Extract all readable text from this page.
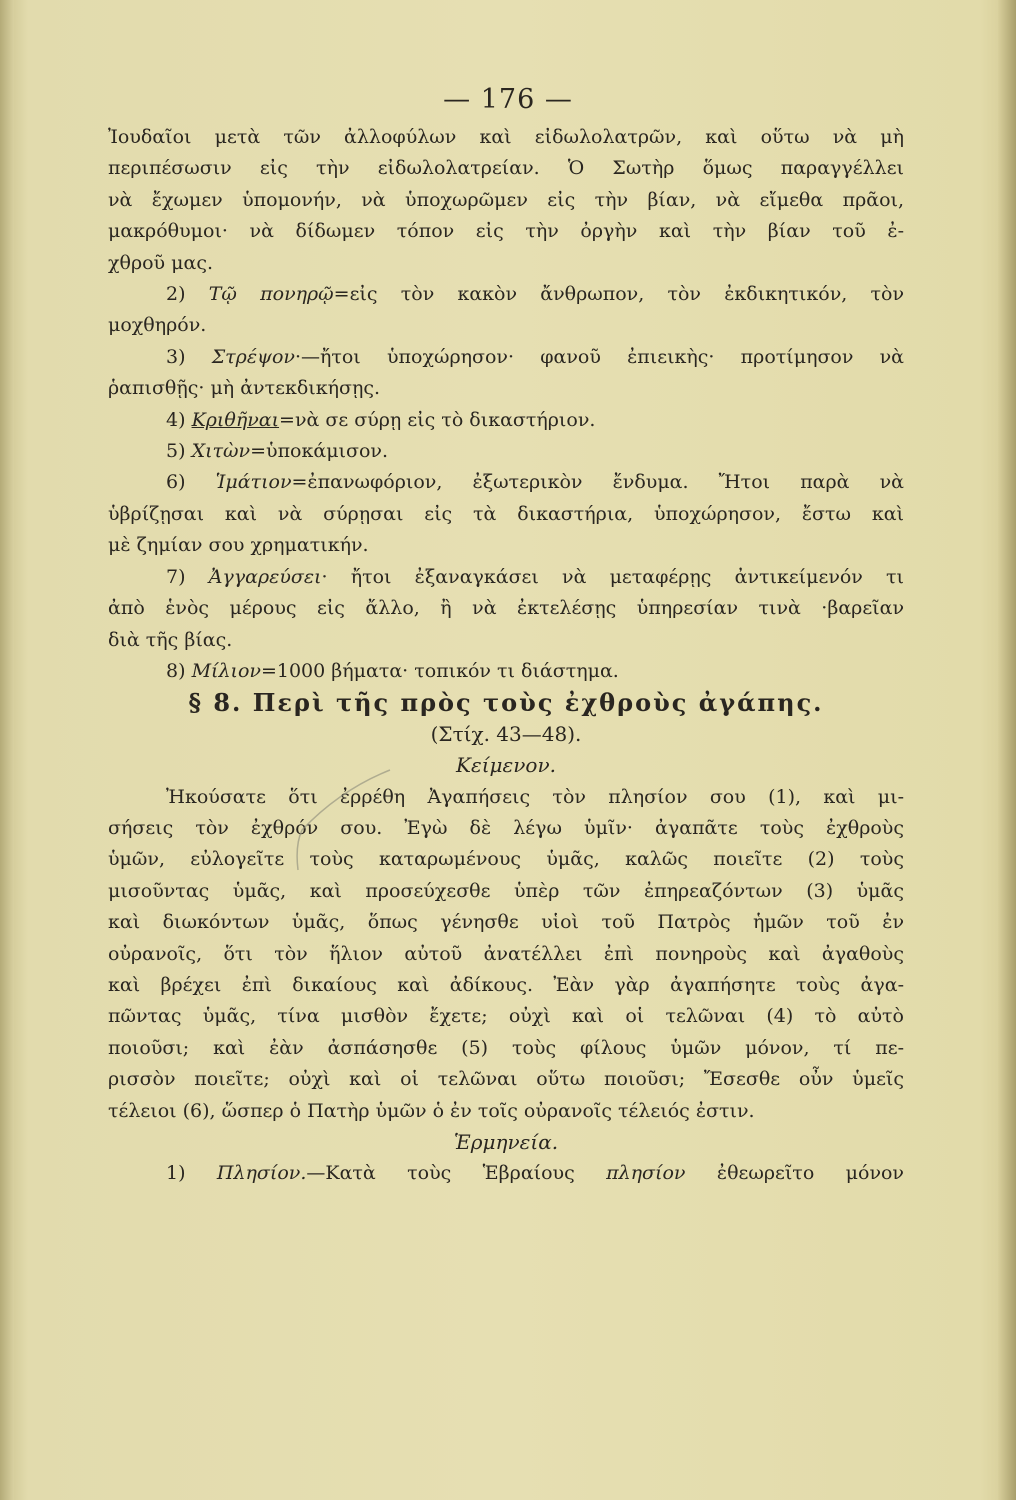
— 176 —

Ἰουδαῖοι μετὰ τῶν ἀλλοφύλων καὶ εἰδωλολατρῶν, καὶ οὕτω νὰ μὴ

περιπέσωσιν εἰς τὴν εἰδωλολατρείαν. Ὁ Σωτὴρ ὅμως παραγγέλλει

νὰ ἔχωμεν ὑπομονήν, νὰ ὑποχωρῶμεν εἰς τὴν βίαν, νὰ εἴμεθα πρᾶοι,

μακρόθυμοι· νὰ δίδωμεν τόπον εἰς τὴν ὀργὴν καὶ τὴν βίαν τοῦ ἐ-

χθροῦ μας.

2) Τῷ πονηρῷ=εἰς τὸν κακὸν ἄνθρωπον, τὸν ἐκδικητικόν, τὸν

μοχθηρόν.

3) Στρέψον·—ἤτοι ὑποχώρησον· φανοῦ ἐπιεικὴς· προτίμησον νὰ

ῥαπισθῇς· μὴ ἀντεκδικήσῃς.

4) Κριθῆναι=νὰ σε σύρῃ εἰς τὸ δικαστήριον.

5) Χιτὼν=ὑποκάμισον.

6) Ἱμάτιον=ἐπανωφόριον, ἐξωτερικὸν ἔνδυμα. Ἤτοι παρὰ νὰ

ὑβρίζῃσαι καὶ νὰ σύρῃσαι εἰς τὰ δικαστήρια, ὑποχώρησον, ἔστω καὶ

μὲ ζημίαν σου χρηματικήν.

7) Ἀγγαρεύσει· ἤτοι ἐξαναγκάσει νὰ μεταφέρῃς ἀντικείμενόν τι

ἀπὸ ἑνὸς μέρους εἰς ἄλλο, ἢ νὰ ἐκτελέσῃς ὑπηρεσίαν τινὰ ·βαρεῖαν

διὰ τῆς βίας.

8) Μίλιον=1000 βήματα· τοπικόν τι διάστημα.

§ 8. Περὶ τῆς πρὸς τοὺς ἐχθροὺς ἀγάπης.

(Στίχ. 43—48).

Κείμενον.

Ἠκούσατε ὅτι ἐρρέθη Ἀγαπήσεις τὸν πλησίον σου (1), καὶ μι-

σήσεις τὸν ἐχθρόν σου. Ἐγὼ δὲ λέγω ὑμῖν· ἀγαπᾶτε τοὺς ἐχθροὺς

ὑμῶν, εὐλογεῖτε τοὺς καταρωμένους ὑμᾶς, καλῶς ποιεῖτε (2) τοὺς

μισοῦντας ὑμᾶς, καὶ προσεύχεσθε ὑπὲρ τῶν ἐπηρεαζόντων (3) ὑμᾶς

καὶ διωκόντων ὑμᾶς, ὅπως γένησθε υἱοὶ τοῦ Πατρὸς ἡμῶν τοῦ ἐν

οὐρανοῖς, ὅτι τὸν ἥλιον αὐτοῦ ἀνατέλλει ἐπὶ πονηροὺς καὶ ἀγαθοὺς

καὶ βρέχει ἐπὶ δικαίους καὶ ἀδίκους. Ἐὰν γὰρ ἀγαπήσητε τοὺς ἀγα-

πῶντας ὑμᾶς, τίνα μισθὸν ἔχετε; οὐχὶ καὶ οἱ τελῶναι (4) τὸ αὐτὸ

ποιοῦσι; καὶ ἐὰν ἀσπάσησθε (5) τοὺς φίλους ὑμῶν μόνον, τί πε-

ρισσὸν ποιεῖτε; οὐχὶ καὶ οἱ τελῶναι οὕτω ποιοῦσι; Ἔσεσθε οὖν ὑμεῖς

τέλειοι (6), ὥσπερ ὁ Πατὴρ ὑμῶν ὁ ἐν τοῖς οὐρανοῖς τέλειός ἐστιν.

Ἑρμηνεία.

1) Πλησίον.—Κατὰ τοὺς Ἑβραίους πλησίον ἐθεωρεῖτο μόνον
